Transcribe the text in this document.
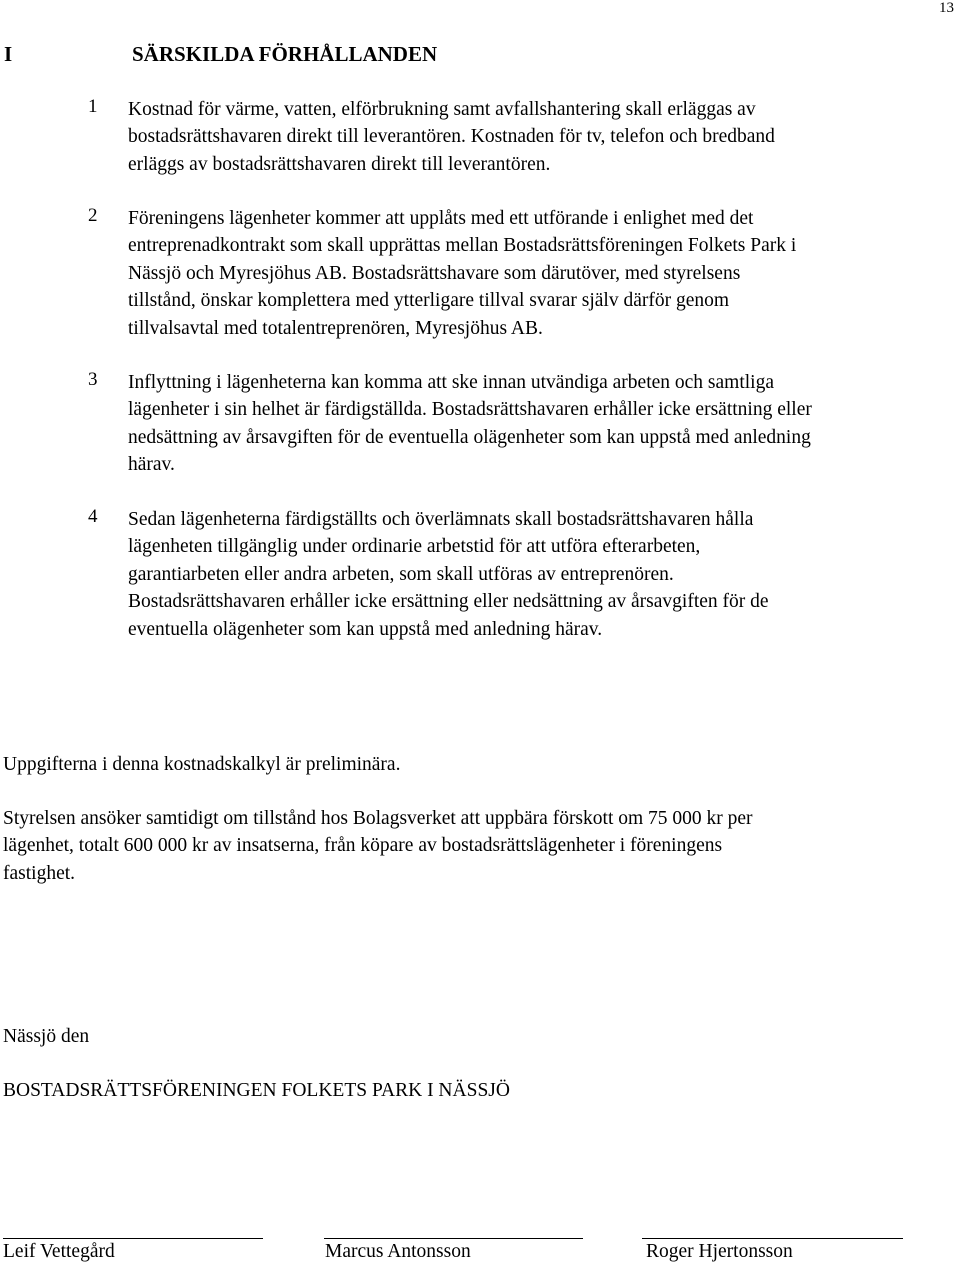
13
I	SÄRSKILDA FÖRHÅLLANDEN
1 Kostnad för värme, vatten, elförbrukning samt avfallshantering skall erläggas av
bostadsrättshavaren direkt till leverantören. Kostnaden för tv, telefon och bredband
erläggs av bostadsrättshavaren direkt till leverantören.
2 Föreningens lägenheter kommer att upplåts med ett utförande i enlighet med det
entreprenadkontrakt som skall upprättas mellan Bostadsrättsföreningen Folkets Park i
Nässjö och Myresjöhus AB. Bostadsrättshavare som därutöver, med styrelsens
tillstånd, önskar komplettera med ytterligare tillval svarar själv därför genom
tillvalsavtal med totalentreprenören, Myresjöhus AB.
3 Inflyttning i lägenheterna kan komma att ske innan utvändiga arbeten och samtliga
lägenheter i sin helhet är färdigställda. Bostadsrättshavaren erhåller icke ersättning eller
nedsättning av årsavgiften för de eventuella olägenheter som kan uppstå med anledning
härav.
4 Sedan lägenheterna färdigställts och överlämnats skall bostadsrättshavaren hålla
lägenheten tillgänglig under ordinarie arbetstid för att utföra efterarbeten,
garantiarbeten eller andra arbeten, som skall utföras av entreprenören.
Bostadsrättshavaren erhåller icke ersättning eller nedsättning av årsavgiften för de
eventuella olägenheter som kan uppstå med anledning härav.
Uppgifterna i denna kostnadskalkyl är preliminära.
Styrelsen ansöker samtidigt om tillstånd hos Bolagsverket att uppbära förskott om 75 000 kr per
lägenhet, totalt 600 000 kr av insatserna, från köpare av bostadsrättslägenheter i föreningens
fastighet.
Nässjö den
BOSTADSRÄTTSFÖRENINGEN FOLKETS PARK I NÄSSJÖ
Leif Vettegård	Marcus Antonsson	Roger Hjertonsson
